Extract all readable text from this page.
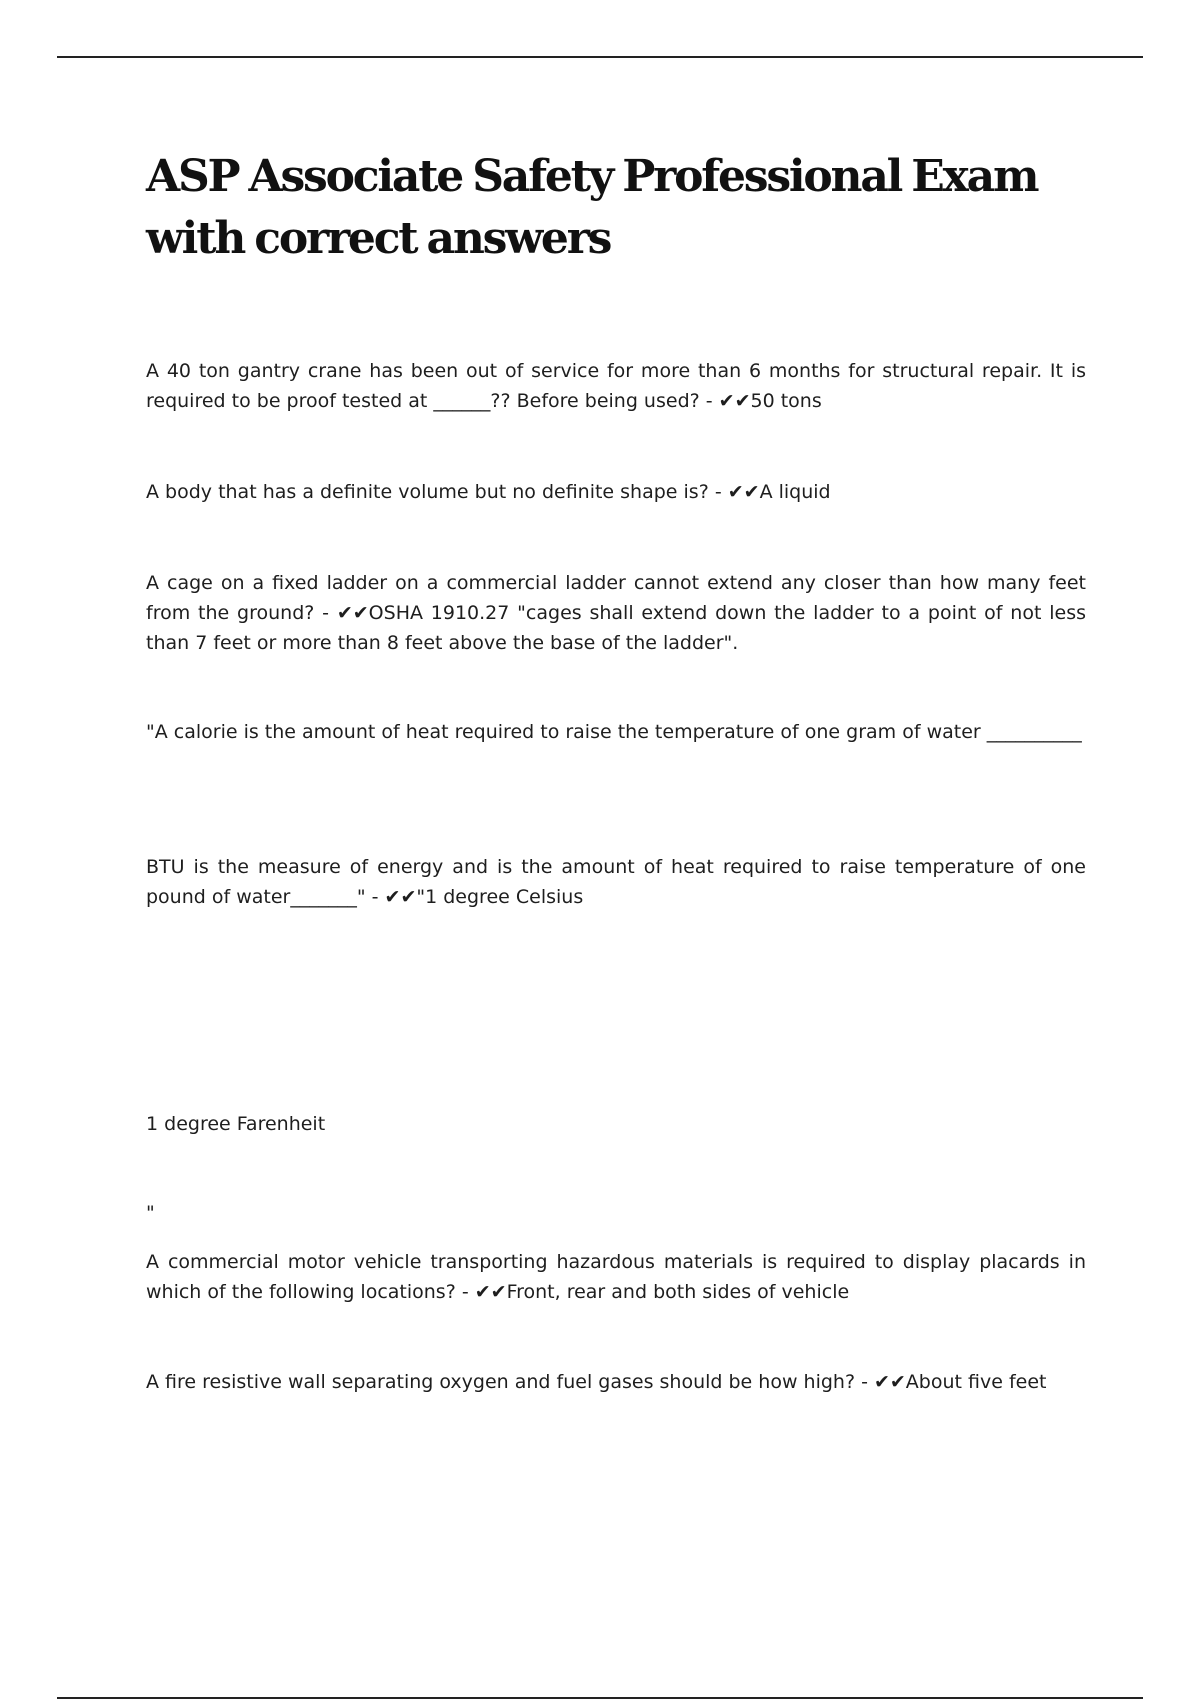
ASP Associate Safety Professional Exam with correct answers

A 40 ton gantry crane has been out of service for more than 6 months for structural repair. It is required to be proof tested at ______?? Before being used? - ✔✔50 tons

A body that has a definite volume but no definite shape is? - ✔✔A liquid

A cage on a fixed ladder on a commercial ladder cannot extend any closer than how many feet from the ground? - ✔✔OSHA 1910.27 "cages shall extend down the ladder to a point of not less than 7 feet or more than 8 feet above the base of the ladder".

"A calorie is the amount of heat required to raise the temperature of one gram of water __________

BTU is the measure of energy and is the amount of heat required to raise temperature of one pound of water_______" - ✔✔"1 degree Celsius

1 degree Farenheit

"

A commercial motor vehicle transporting hazardous materials is required to display placards in which of the following locations? - ✔✔Front, rear and both sides of vehicle

A fire resistive wall separating oxygen and fuel gases should be how high? - ✔✔About five feet
